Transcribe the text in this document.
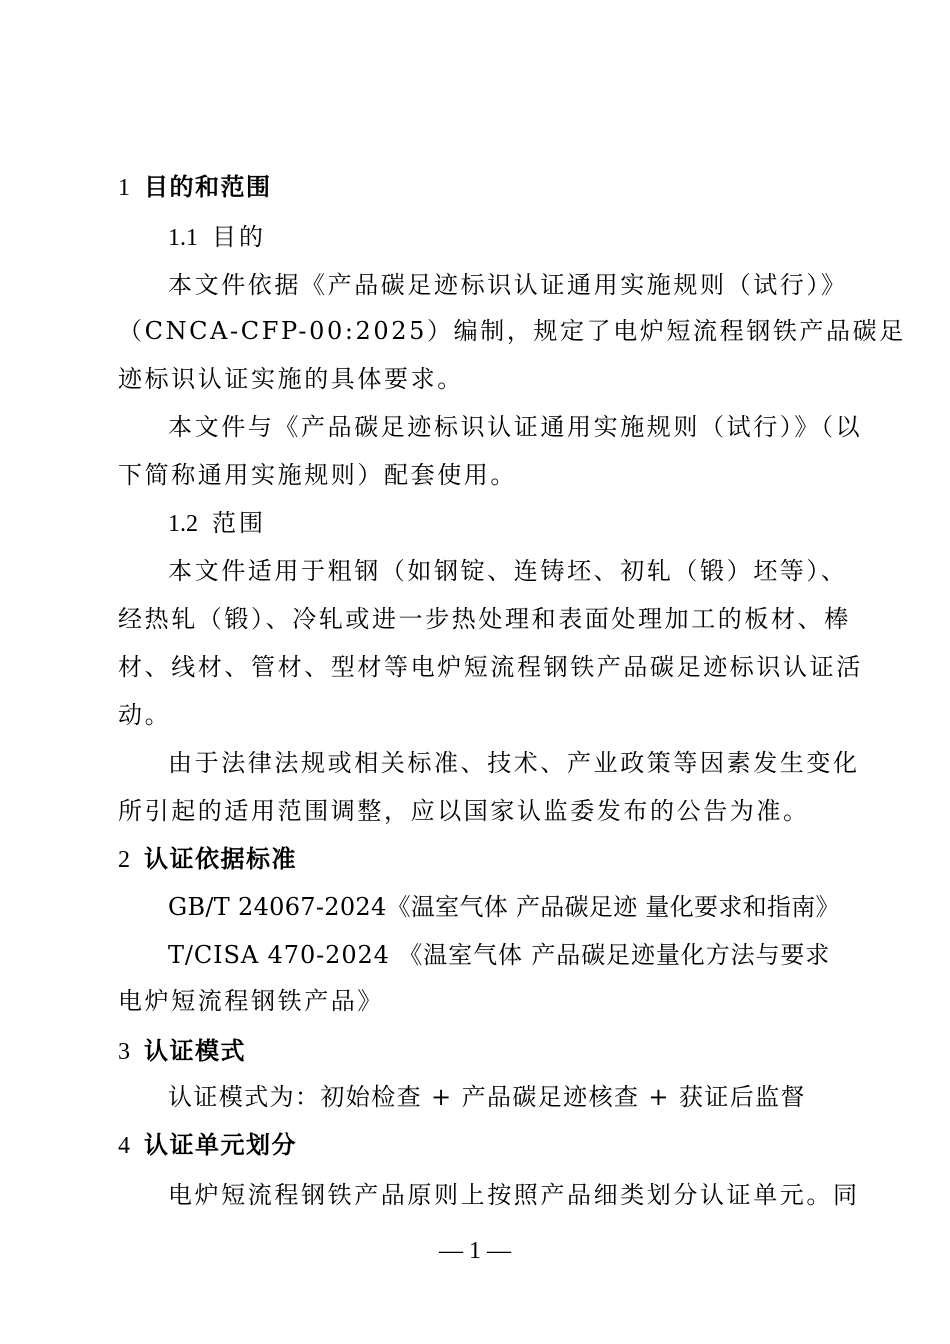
1 目的和范围
1.1 目的
本文件依据《产品碳足迹标识认证通用实施规则（试行）》
（CNCA-CFP-00:2025）编制，规定了电炉短流程钢铁产品碳足
迹标识认证实施的具体要求。
本文件与《产品碳足迹标识认证通用实施规则（试行）》（以
下简称通用实施规则）配套使用。
1.2 范围
本文件适用于粗钢（如钢锭、连铸坯、初轧（锻）坯等）、
经热轧（锻）、冷轧或进一步热处理和表面处理加工的板材、棒
材、线材、管材、型材等电炉短流程钢铁产品碳足迹标识认证活
动。
由于法律法规或相关标准、技术、产业政策等因素发生变化
所引起的适用范围调整，应以国家认监委发布的公告为准。
2 认证依据标准
GB/T 24067-2024《温室气体 产品碳足迹 量化要求和指南》
T/CISA 470-2024 《温室气体 产品碳足迹量化方法与要求
电炉短流程钢铁产品》
3 认证模式
认证模式为：初始检查 + 产品碳足迹核查 + 获证后监督
4 认证单元划分
电炉短流程钢铁产品原则上按照产品细类划分认证单元。同
— 1 —
